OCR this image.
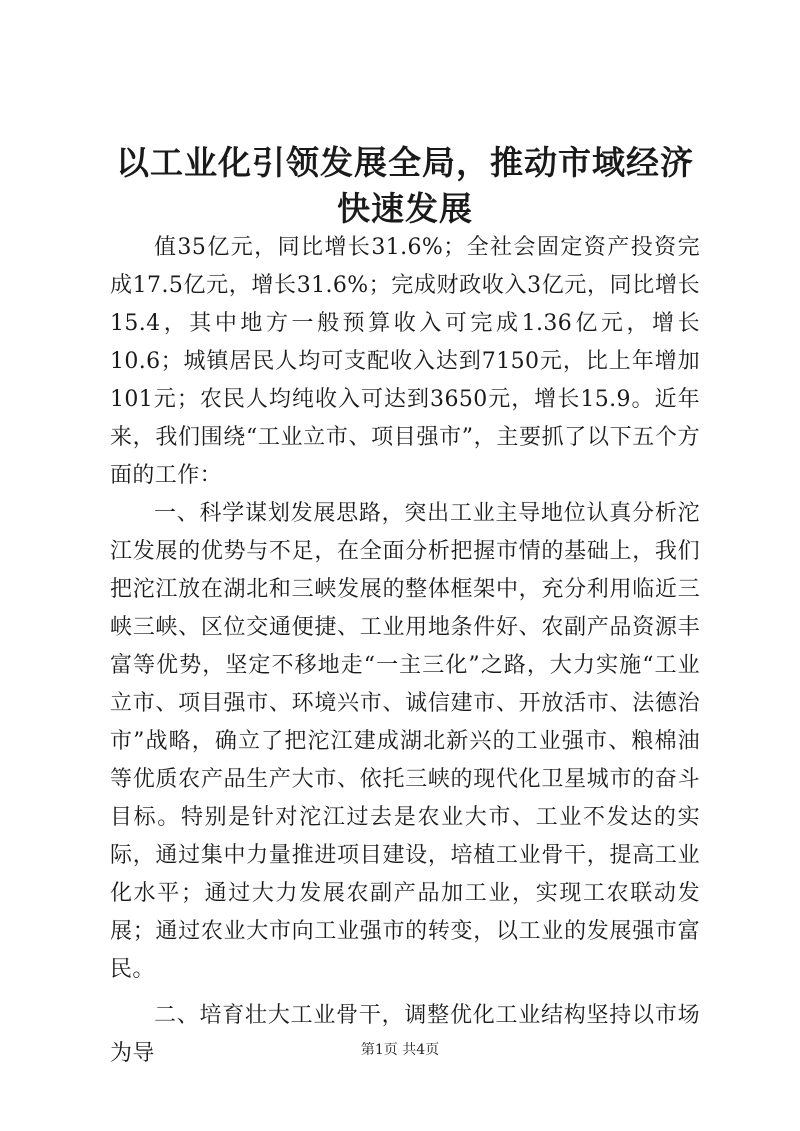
以工业化引领发展全局，推动市域经济快速发展

值35亿元，同比增长31.6%；全社会固定资产投资完成17.5亿元，增长31.6%；完成财政收入3亿元，同比增长15.4，其中地方一般预算收入可完成1.36亿元，增长10.6；城镇居民人均可支配收入达到7150元，比上年增加101元；农民人均纯收入可达到3650元，增长15.9。近年来，我们围绕“工业立市、项目强市”，主要抓了以下五个方面的工作：

一、科学谋划发展思路，突出工业主导地位认真分析沱江发展的优势与不足，在全面分析把握市情的基础上，我们把沱江放在湖北和三峡发展的整体框架中，充分利用临近三峡三峡、区位交通便捷、工业用地条件好、农副产品资源丰富等优势，坚定不移地走“一主三化”之路，大力实施“工业立市、项目强市、环境兴市、诚信建市、开放活市、法德治市”战略，确立了把沱江建成湖北新兴的工业强市、粮棉油等优质农产品生产大市、依托三峡的现代化卫星城市的奋斗目标。特别是针对沱江过去是农业大市、工业不发达的实际，通过集中力量推进项目建设，培植工业骨干，提高工业化水平；通过大力发展农副产品加工业，实现工农联动发展；通过农业大市向工业强市的转变，以工业的发展强市富民。

二、培育壮大工业骨干，调整优化工业结构坚持以市场为导	第1页 共4页
